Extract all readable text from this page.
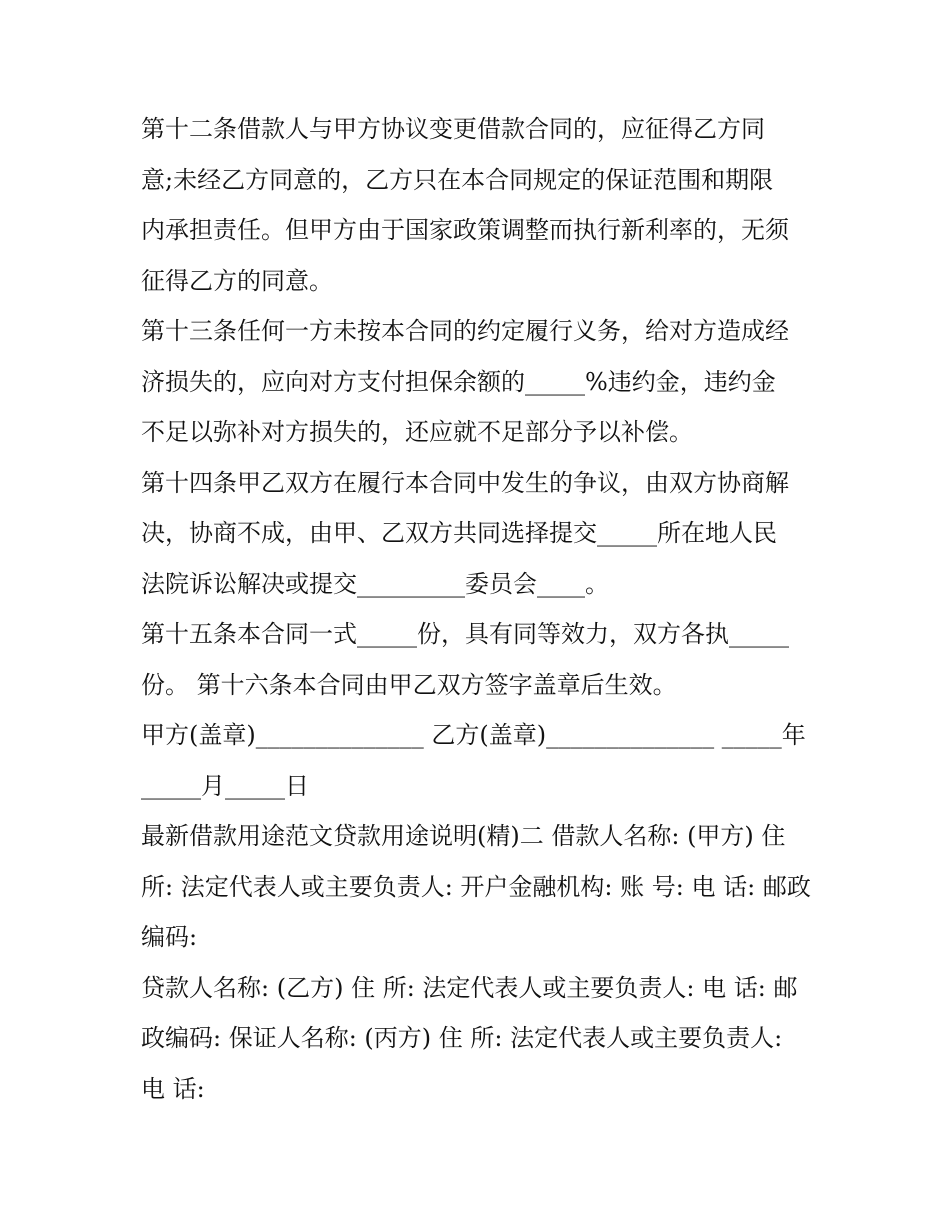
第十二条借款人与甲方协议变更借款合同的，应征得乙方同
意;未经乙方同意的，乙方只在本合同规定的保证范围和期限
内承担责任。但甲方由于国家政策调整而执行新利率的，无须
征得乙方的同意。
第十三条任何一方未按本合同的约定履行义务，给对方造成经
济损失的，应向对方支付担保余额的_____%违约金，违约金
不足以弥补对方损失的，还应就不足部分予以补偿。
第十四条甲乙双方在履行本合同中发生的争议，由双方协商解
决，协商不成，由甲、乙双方共同选择提交_____所在地人民
法院诉讼解决或提交_________委员会____。
第十五条本合同一式_____份，具有同等效力，双方各执_____
份。 第十六条本合同由甲乙双方签字盖章后生效。
甲方(盖章)______________ 乙方(盖章)______________ _____年
_____月_____日
最新借款用途范文贷款用途说明(精)二 借款人名称: (甲方) 住
所: 法定代表人或主要负责人: 开户金融机构: 账 号: 电 话: 邮政
编码:
贷款人名称: (乙方) 住 所: 法定代表人或主要负责人: 电 话: 邮
政编码: 保证人名称: (丙方) 住 所: 法定代表人或主要负责人:
电 话:
